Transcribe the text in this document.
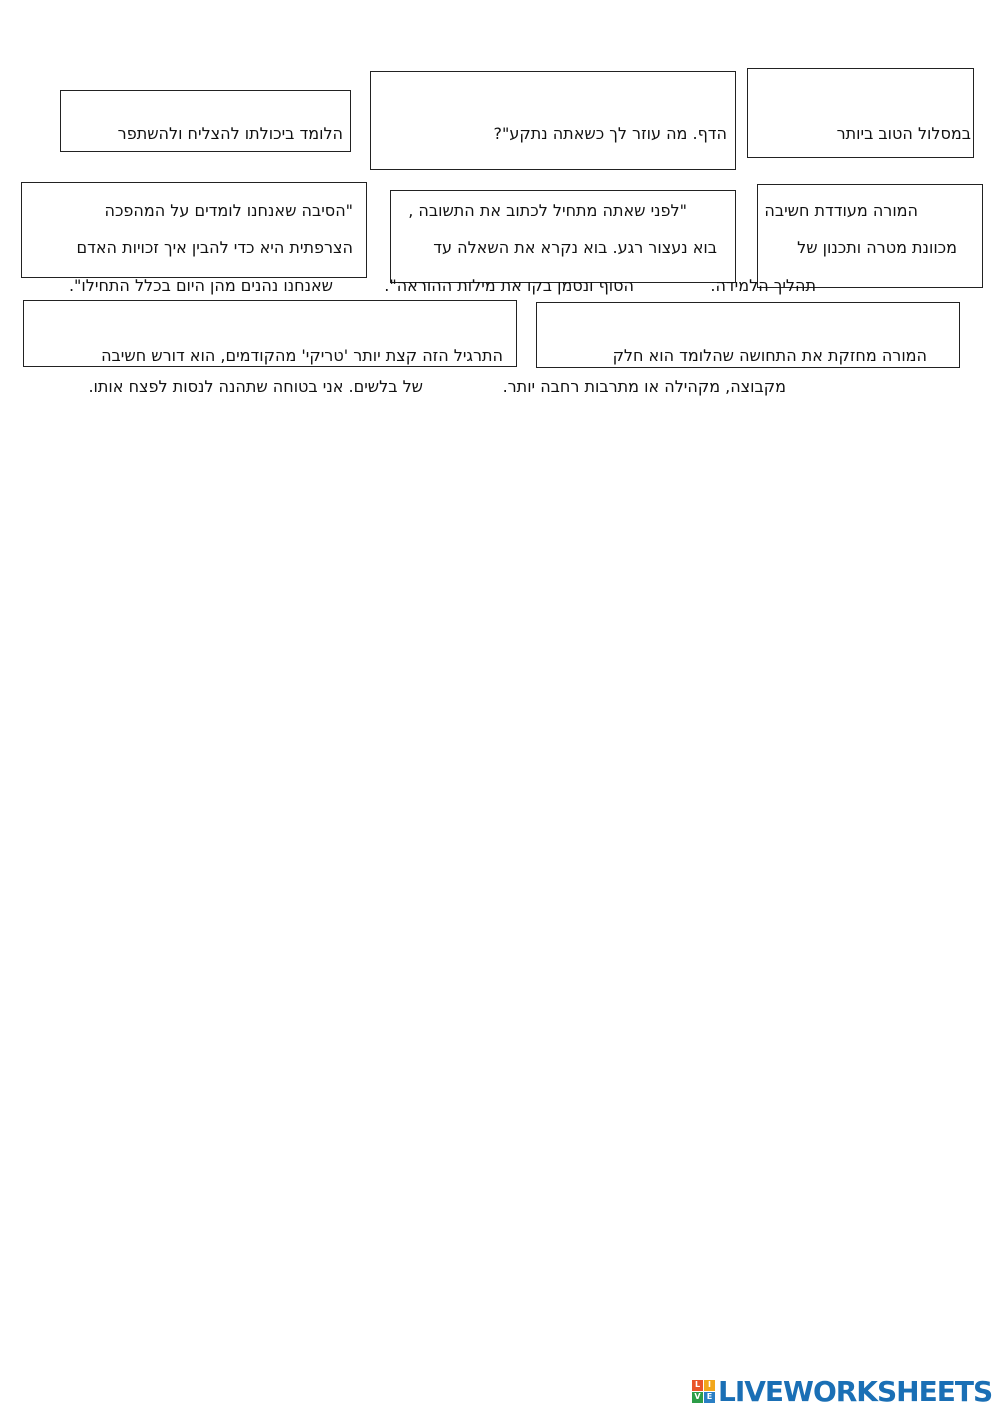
במסלול הטוב ביותר
הדף. מה עוזר לך כשאתה נתקע"?
הלומד ביכולתו להצליח ולהשתפר
המורה מעודדת חשיבה
מכוונת מטרה ותכנון של
תהליך הלמידה.
"לפני שאתה מתחיל לכתוב את התשובה ,
בוא נעצור רגע. בוא נקרא את השאלה עד
הסוף ונסמן בקו את מילות ההוראה".
"הסיבה שאנחנו לומדים על המהפכה
הצרפתית היא כדי להבין איך זכויות האדם
שאנחנו נהנים מהן היום בכלל התחילו".
המורה מחזקת את התחושה שהלומד הוא חלק
מקבוצה, מקהילה או מתרבות רחבה יותר.
התרגיל הזה קצת יותר 'טריקי' מהקודמים, הוא דורש חשיבה
של בלשים. אני בטוחה שתהנה לנסות לפצח אותו.
L I
V E LIVEWORKSHEETS
